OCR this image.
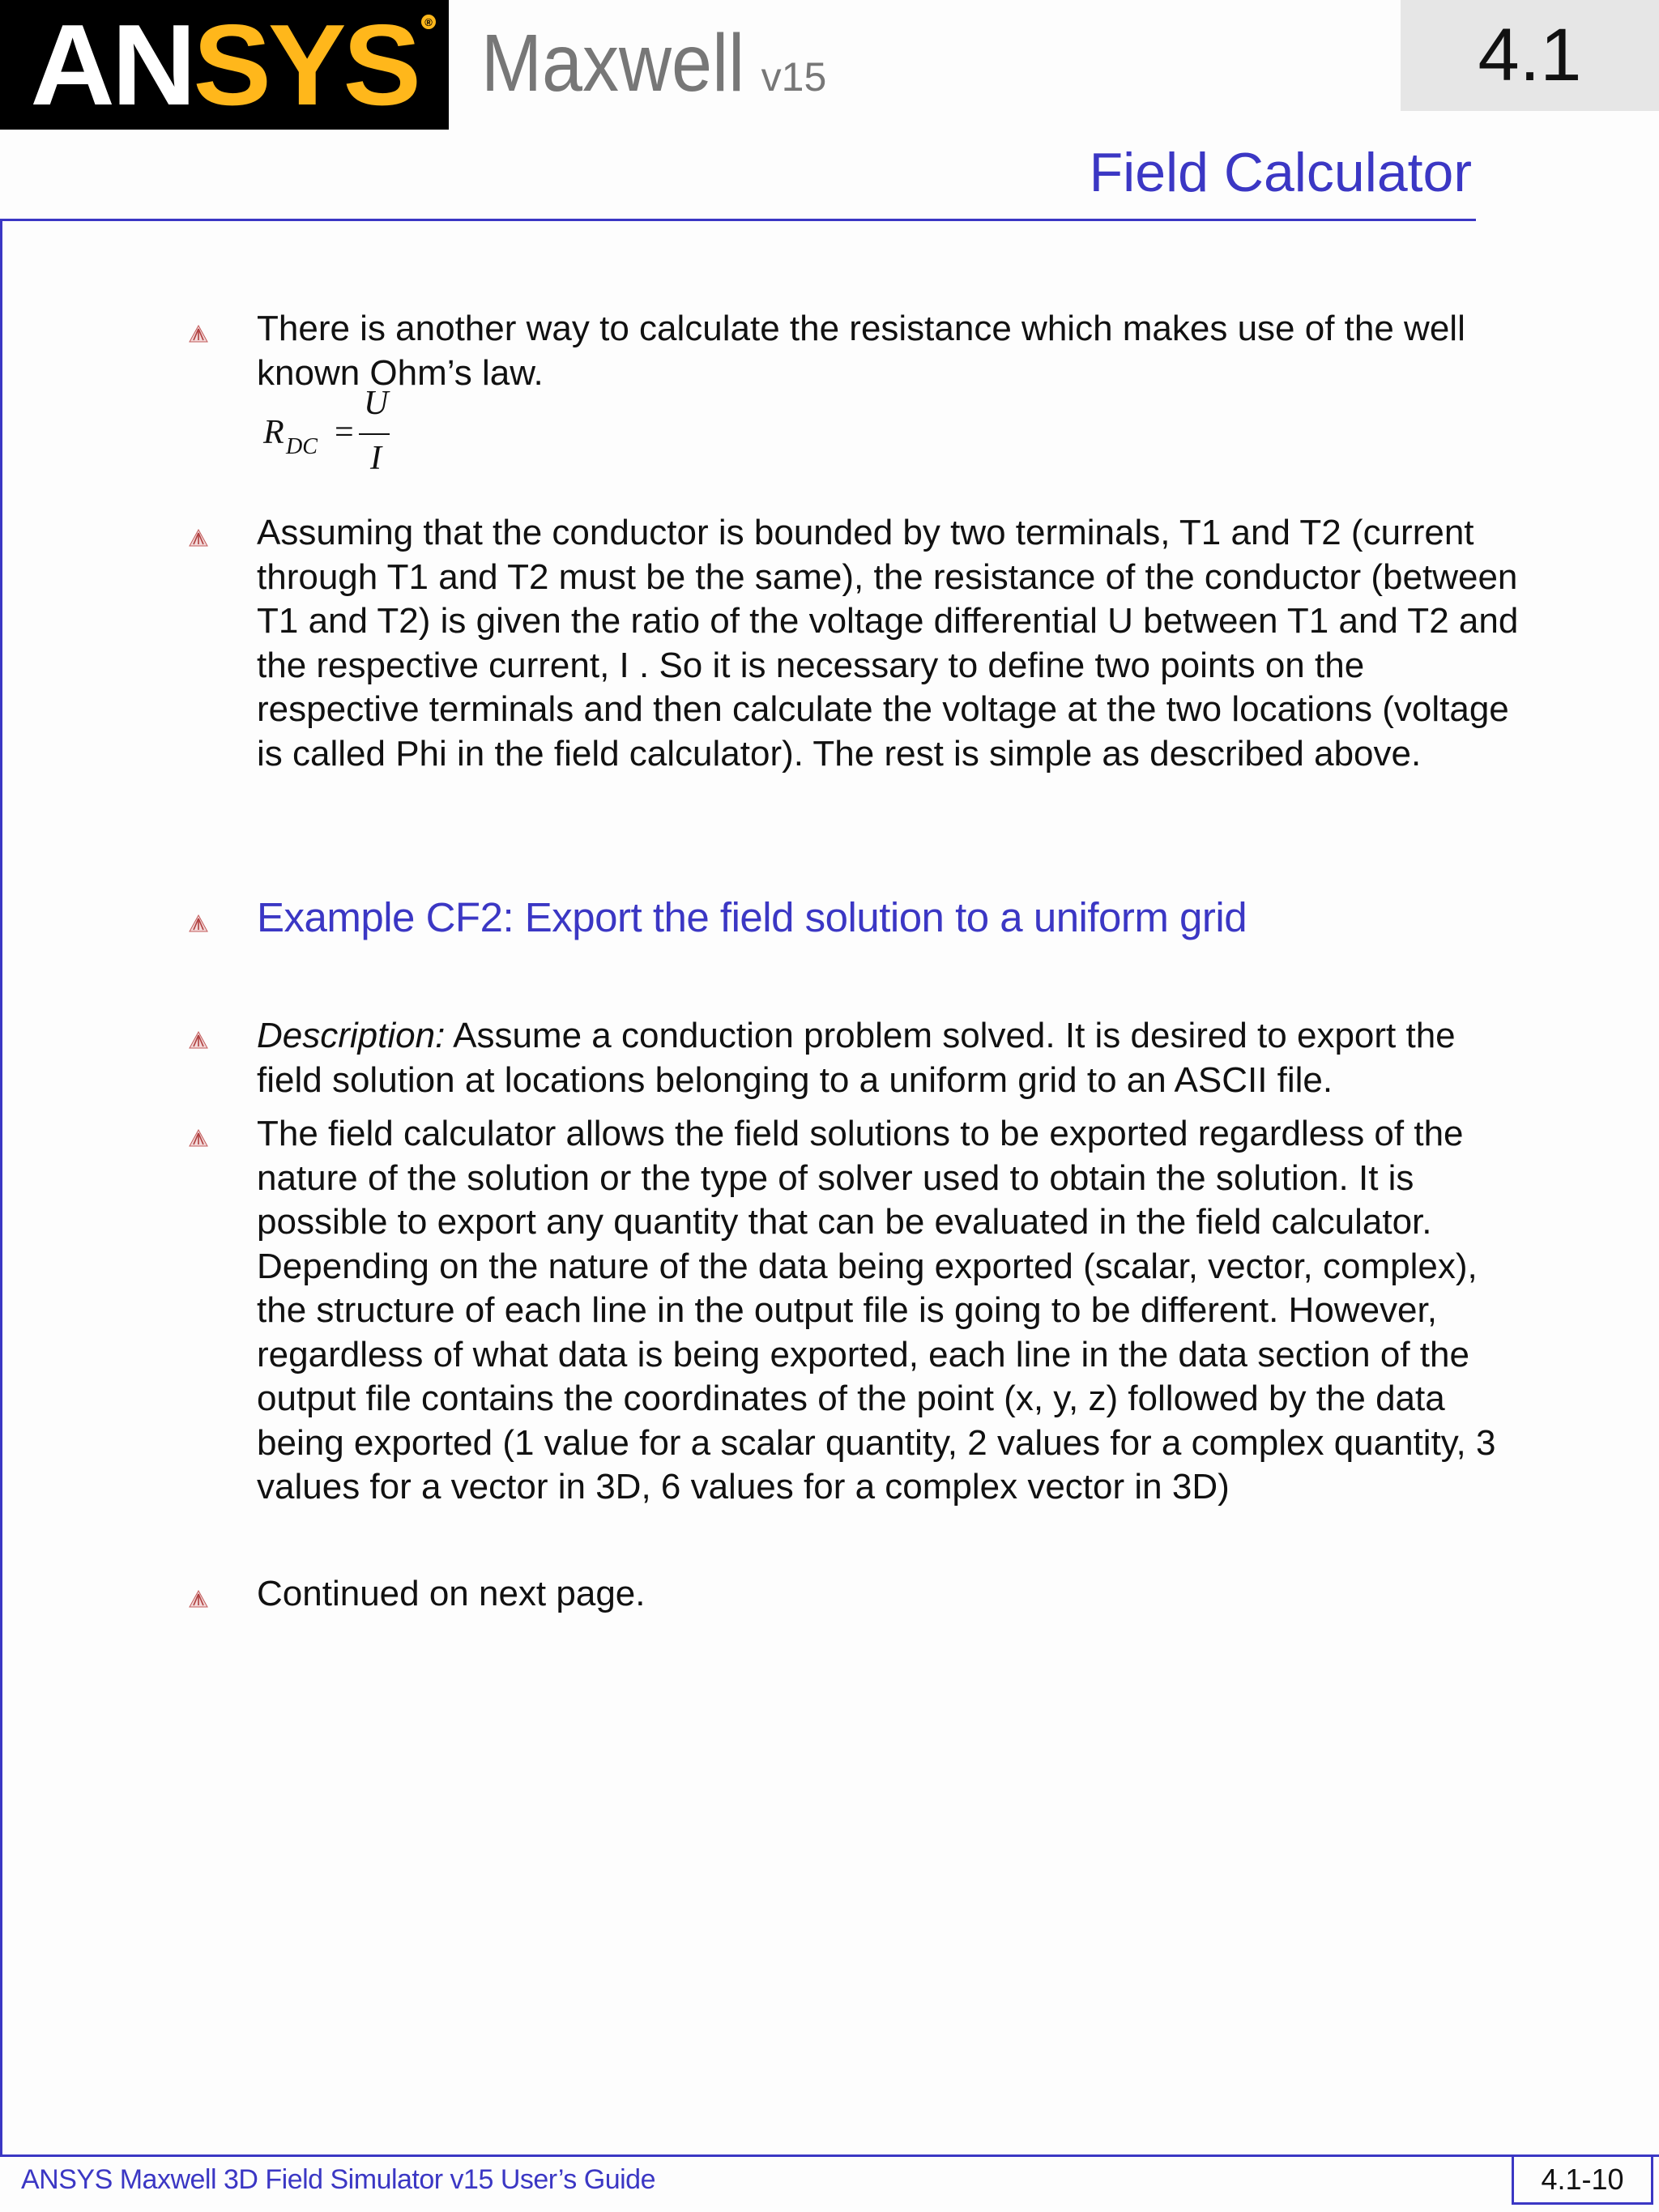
ANSYS ® Maxwell v15	4.1
Field Calculator
There is another way to calculate the resistance which makes use of the well
known Ohm’s law.
R DC =
U
I
Assuming that the conductor is bounded by two terminals, T1 and T2 (current
through T1 and T2 must be the same), the resistance of the conductor (between
T1 and T2) is given the ratio of the voltage differential U between T1 and T2 and
the respective current, I . So it is necessary to define two points on the
respective terminals and then calculate the voltage at the two locations (voltage
is called Phi in the field calculator). The rest is simple as described above.
Example CF2: Export the field solution to a uniform grid
Description: Assume a conduction problem solved. It is desired to export the
field solution at locations belonging to a uniform grid to an ASCII file.
The field calculator allows the field solutions to be exported regardless of the
nature of the solution or the type of solver used to obtain the solution. It is
possible to export any quantity that can be evaluated in the field calculator.
Depending on the nature of the data being exported (scalar, vector, complex),
the structure of each line in the output file is going to be different. However,
regardless of what data is being exported, each line in the data section of the
output file contains the coordinates of the point (x, y, z) followed by the data
being exported (1 value for a scalar quantity, 2 values for a complex quantity, 3
values for a vector in 3D, 6 values for a complex vector in 3D)
Continued on next page.
ANSYS Maxwell 3D Field Simulator v15 User’s Guide	4.1-10
